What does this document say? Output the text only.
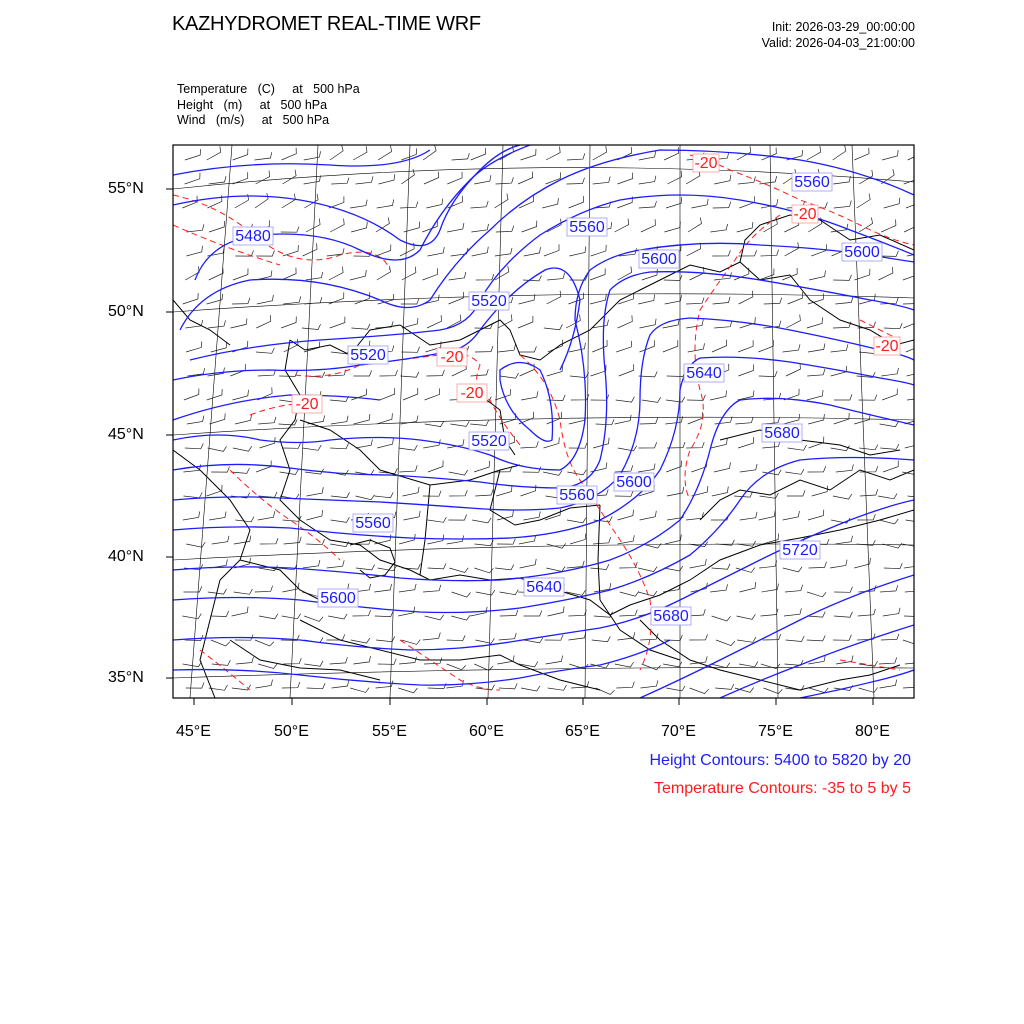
KAZHYDROMET REAL-TIME WRF	Init: 2026-03-29_00:00:00
Valid: 2026-04-03_21:00:00
Temperature   (C)     at   500 hPa
Height   (m)     at   500 hPa
Wind   (m/s)     at   500 hPa
5480
5520
5520
5520
5560
5560
5560
5560
5600	5600
5600
5600
5640
5640
5680
5680
5720
-20
-20
-20
-20
-20
-20
55°N
50°N
45°N
40°N
35°N
45°E	50°E	55°E	60°E	65°E	70°E	75°E	80°E
Height Contours: 5400 to 5820 by 20
Temperature Contours: -35 to 5 by 5
